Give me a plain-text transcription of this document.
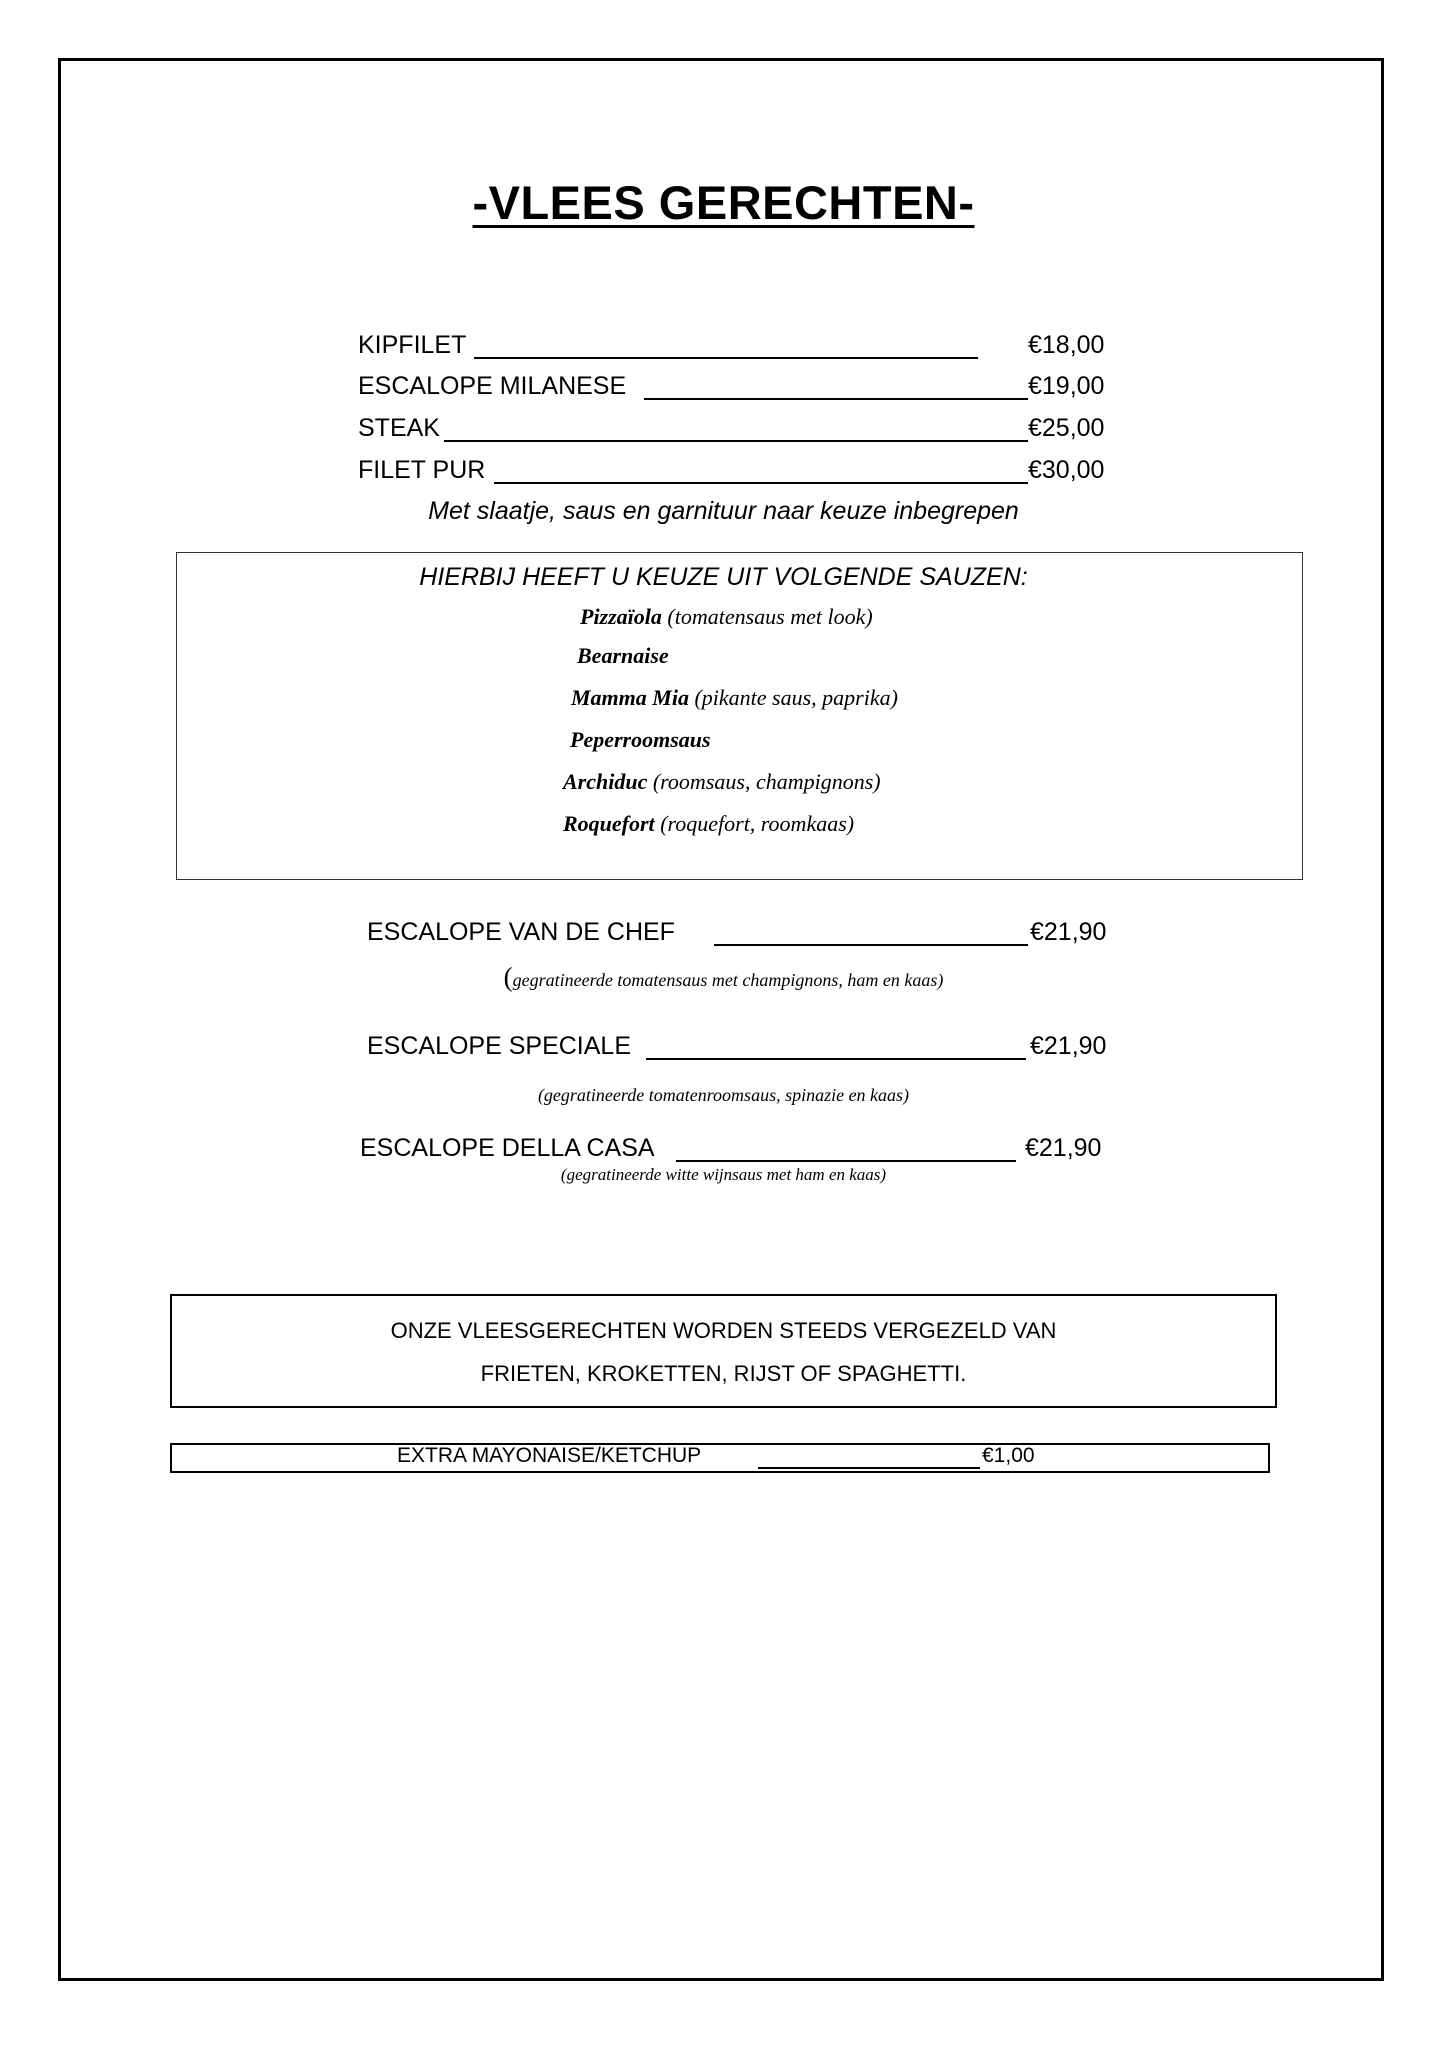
-VLEES GERECHTEN-
KIPFILET	€18,00
ESCALOPE MILANESE	€19,00
STEAK	€25,00
FILET PUR	€30,00
Met slaatje, saus en garnituur naar keuze inbegrepen
HIERBIJ HEEFT U KEUZE UIT VOLGENDE SAUZEN:
Pizzaïola (tomatensaus met look)
Bearnaise
Mamma Mia (pikante saus, paprika)
Peperroomsaus
Archiduc (roomsaus, champignons)
Roquefort (roquefort, roomkaas)
ESCALOPE VAN DE CHEF	€21,90
(gegratineerde tomatensaus met champignons, ham en kaas)
ESCALOPE SPECIALE	€21,90
(gegratineerde tomatenroomsaus, spinazie en kaas)
ESCALOPE DELLA CASA	€21,90
(gegratineerde witte wijnsaus met ham en kaas)
ONZE VLEESGERECHTEN WORDEN STEEDS VERGEZELD VAN
FRIETEN, KROKETTEN, RIJST OF SPAGHETTI.
EXTRA MAYONAISE/KETCHUP	€1,00
